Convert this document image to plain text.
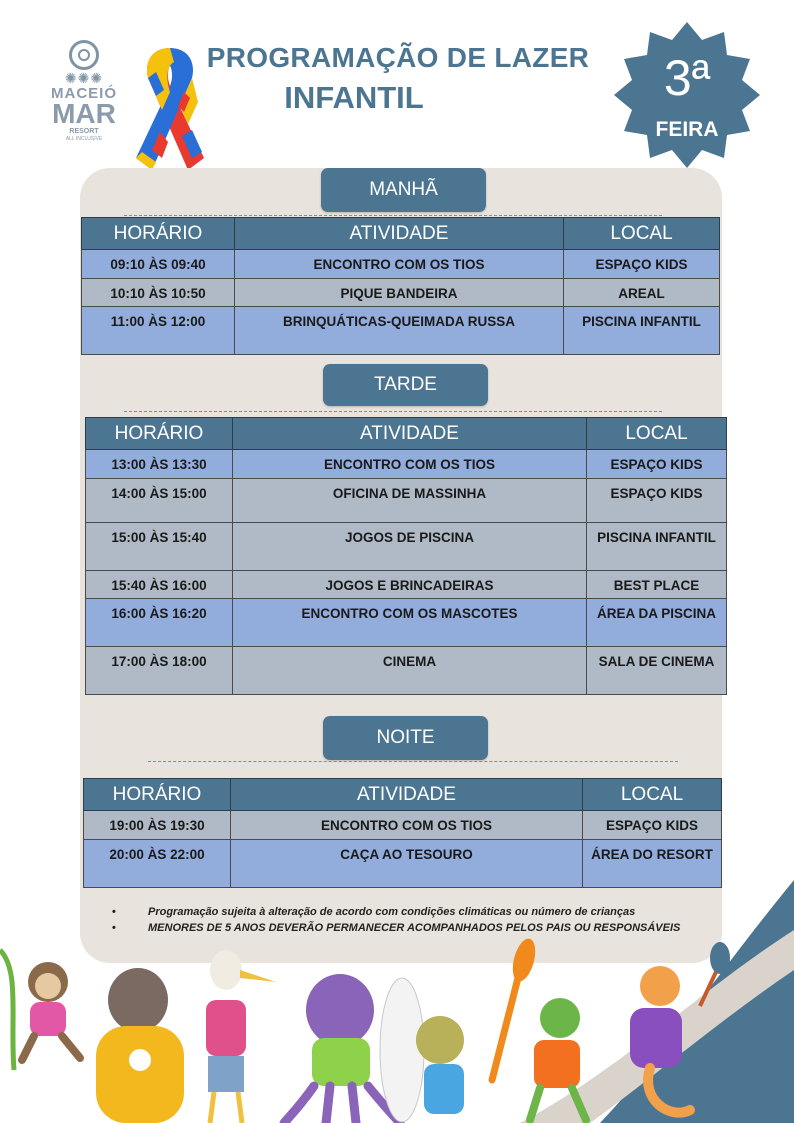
✺✺✺
MACEIÓ
MAR
RESORT
ALL INCLUSIVE
PROGRAMAÇÃO DE LAZER
INFANTIL	3ª
FEIRA
MANHÃ
HORÁRIO	ATIVIDADE	LOCAL
09:10 ÀS 09:40	ENCONTRO COM OS TIOS	ESPAÇO KIDS
10:10 ÀS 10:50	PIQUE BANDEIRA	AREAL
11:00 ÀS 12:00	BRINQUÁTICAS-QUEIMADA RUSSA	PISCINA INFANTIL
TARDE
HORÁRIO	ATIVIDADE	LOCAL
13:00 ÀS 13:30	ENCONTRO COM OS TIOS	ESPAÇO KIDS
14:00 ÀS 15:00	OFICINA DE MASSINHA	ESPAÇO KIDS
15:00 ÀS 15:40	JOGOS DE PISCINA	PISCINA INFANTIL
15:40 ÀS 16:00	JOGOS E BRINCADEIRAS	BEST PLACE
16:00 ÀS 16:20	ENCONTRO COM OS MASCOTES	ÁREA DA PISCINA
17:00 ÀS 18:00	CINEMA	SALA DE CINEMA
NOITE
HORÁRIO	ATIVIDADE	LOCAL
19:00 ÀS 19:30	ENCONTRO COM OS TIOS	ESPAÇO KIDS
20:00 ÀS 22:00	CAÇA AO TESOURO	ÁREA DO RESORT
•	Programação sujeita à alteração de acordo com condições climáticas ou número de crianças
•	MENORES DE 5 ANOS DEVERÃO PERMANECER ACOMPANHADOS PELOS PAIS OU RESPONSÁVEIS
